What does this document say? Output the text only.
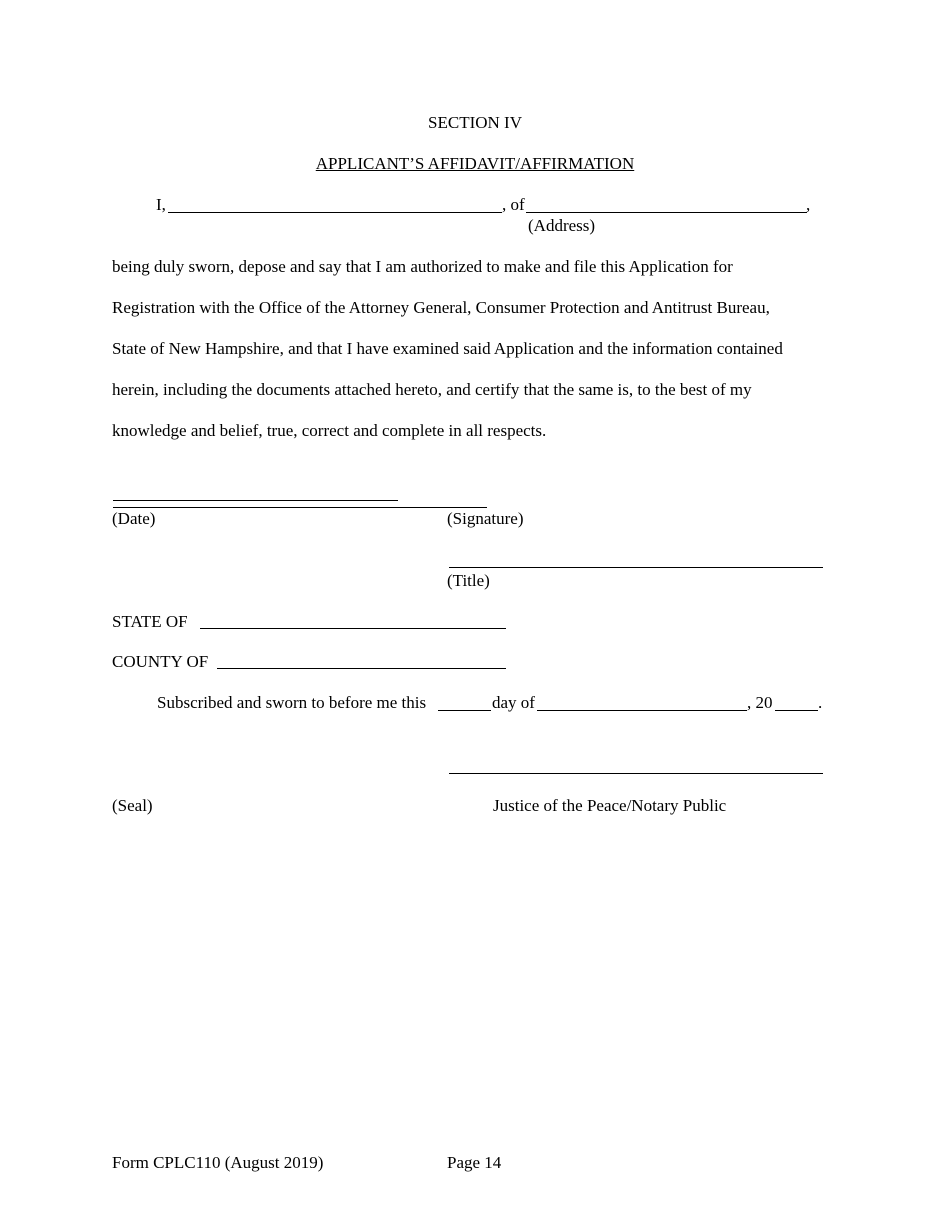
SECTION IV
APPLICANT’S AFFIDAVIT/AFFIRMATION
I,	, of	,
(Address)
being duly sworn, depose and say that I am authorized to make and file this Application for
Registration with the Office of the Attorney General, Consumer Protection and Antitrust Bureau,
State of New Hampshire, and that I have examined said Application and the information contained
herein, including the documents attached hereto, and certify that the same is, to the best of my
knowledge and belief, true, correct and complete in all respects.
(Date)	(Signature)
(Title)
STATE OF
COUNTY OF
Subscribed and sworn to before me this	day of	, 20	.
(Seal)	Justice of the Peace/Notary Public
Form CPLC110 (August 2019)	Page 14
